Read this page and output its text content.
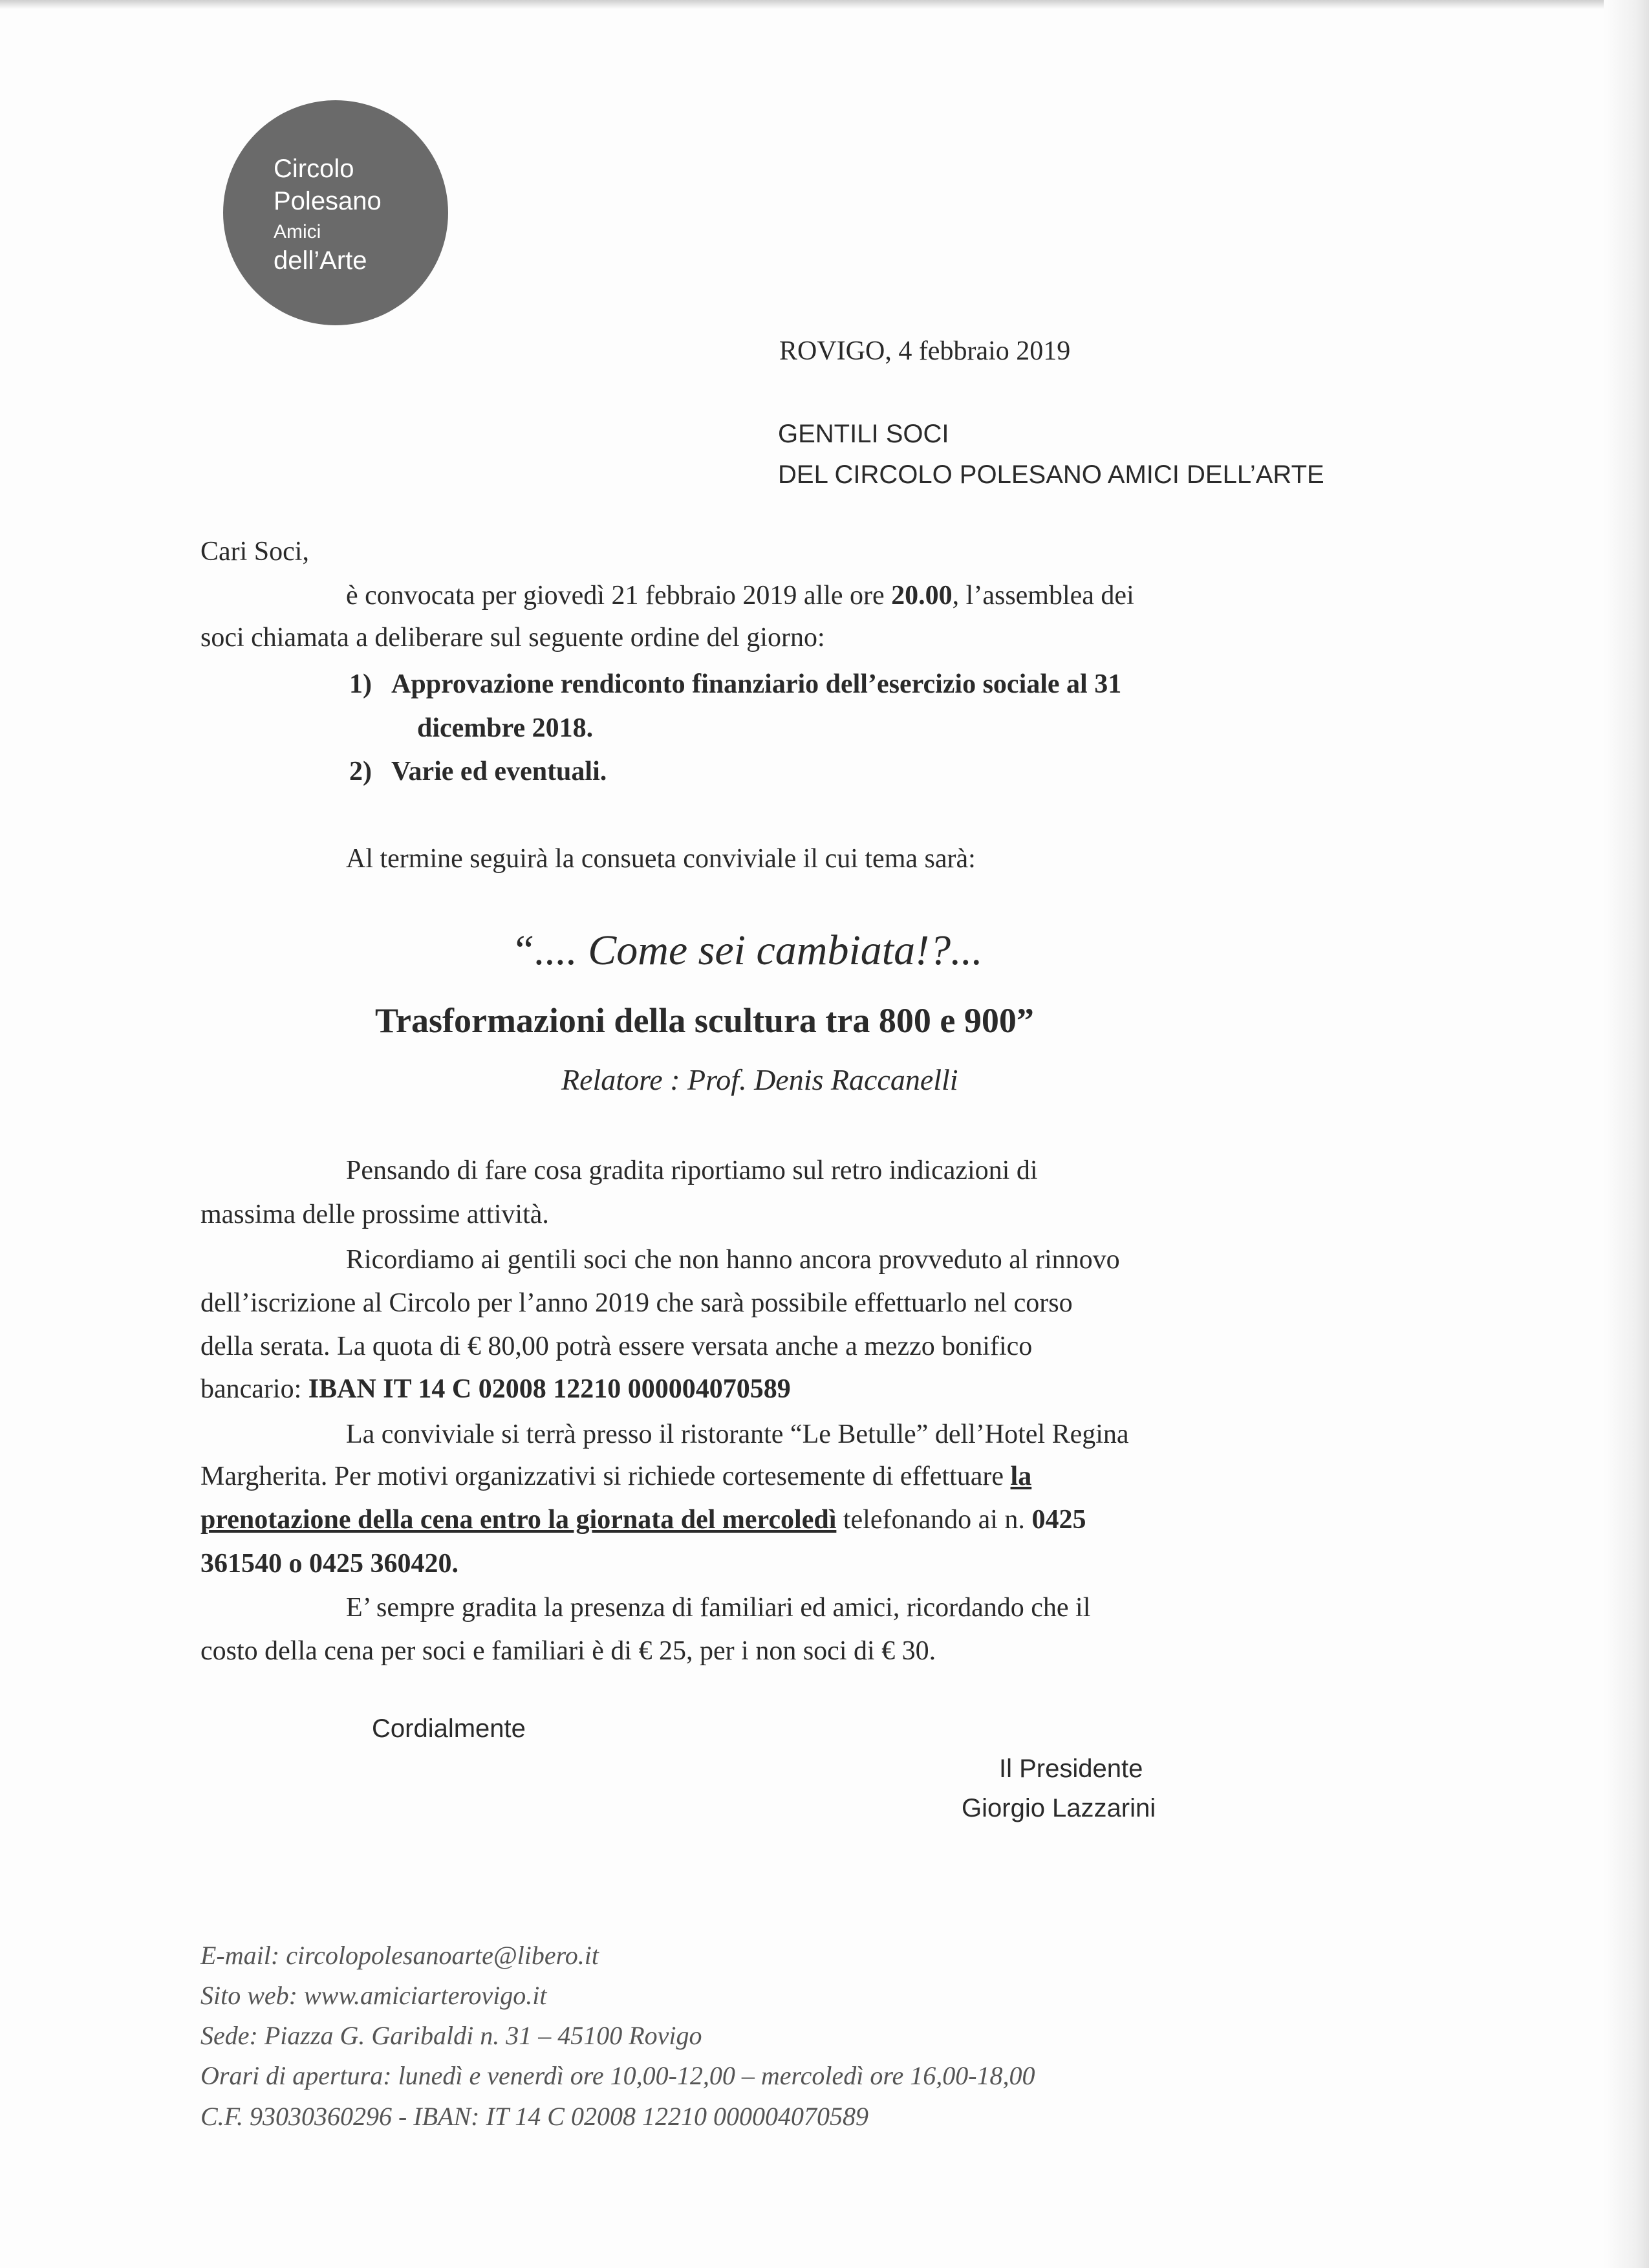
Circolo
Polesano
Amici
dell’Arte
ROVIGO, 4 febbraio 2019
GENTILI SOCI
DEL CIRCOLO POLESANO AMICI DELL’ARTE
Cari Soci,
è convocata per giovedì 21 febbraio 2019 alle ore 20.00, l’assemblea dei
soci chiamata a deliberare sul seguente ordine del giorno:
1) Approvazione rendiconto finanziario dell’esercizio sociale al 31
dicembre 2018.
2) Varie ed eventuali.
Al termine seguirà la consueta conviviale il cui tema sarà:
“.... Come sei cambiata!?...
Trasformazioni della scultura tra 800 e 900”
Relatore : Prof. Denis Raccanelli
Pensando di fare cosa gradita riportiamo sul retro indicazioni di
massima delle prossime attività.
Ricordiamo ai gentili soci che non hanno ancora provveduto al rinnovo
dell’iscrizione al Circolo per l’anno 2019 che sarà possibile effettuarlo nel corso
della serata. La quota di € 80,00 potrà essere versata anche a mezzo bonifico
bancario: IBAN IT 14 C 02008 12210 000004070589
La conviviale si terrà presso il ristorante “Le Betulle” dell’Hotel Regina
Margherita. Per motivi organizzativi si richiede cortesemente di effettuare la
prenotazione della cena entro la giornata del mercoledì telefonando ai n. 0425
361540 o 0425 360420.
E’ sempre gradita la presenza di familiari ed amici, ricordando che il
costo della cena per soci e familiari è di € 25, per i non soci di € 30.
Cordialmente
Il Presidente
Giorgio Lazzarini
E-mail: circolopolesanoarte@libero.it
Sito web: www.amiciarterovigo.it
Sede: Piazza G. Garibaldi n. 31 – 45100 Rovigo
Orari di apertura: lunedì e venerdì ore 10,00-12,00 – mercoledì ore 16,00-18,00
C.F. 93030360296 - IBAN: IT 14 C 02008 12210 000004070589
